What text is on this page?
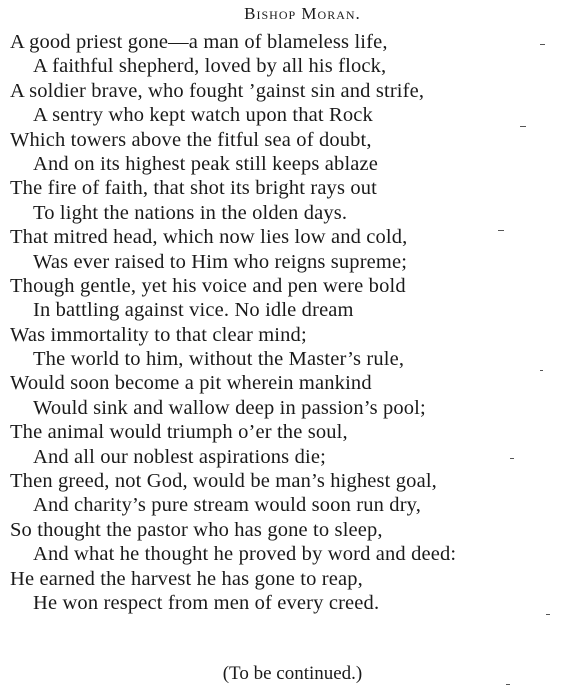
Bishop Moran.
A good priest gone—a man of blameless life,
A faithful shepherd, loved by all his flock,
A soldier brave, who fought ’gainst sin and strife,
A sentry who kept watch upon that Rock
Which towers above the fitful sea of doubt,
And on its highest peak still keeps ablaze
The fire of faith, that shot its bright rays out
To light the nations in the olden days.
That mitred head, which now lies low and cold,
Was ever raised to Him who reigns supreme;
Though gentle, yet his voice and pen were bold
In battling against vice. No idle dream
Was immortality to that clear mind;
The world to him, without the Master’s rule,
Would soon become a pit wherein mankind
Would sink and wallow deep in passion’s pool;
The animal would triumph o’er the soul,
And all our noblest aspirations die;
Then greed, not God, would be man’s highest goal,
And charity’s pure stream would soon run dry,
So thought the pastor who has gone to sleep,
And what he thought he proved by word and deed:
He earned the harvest he has gone to reap,
He won respect from men of every creed.
(To be continued.)
